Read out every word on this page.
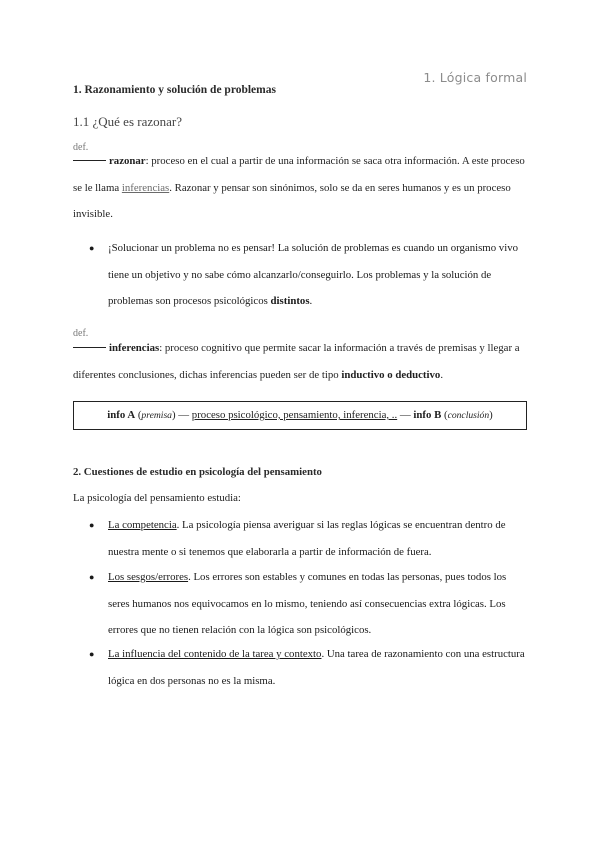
1. Lógica formal
1. Razonamiento y solución de problemas
1.1 ¿Qué es razonar?
def.
razonar: proceso en el cual a partir de una información se saca otra información. A este proceso se le llama inferencias. Razonar y pensar son sinónimos, solo se da en seres humanos y es un proceso invisible.
● ¡Solucionar un problema no es pensar! La solución de problemas es cuando un organismo vivo tiene un objetivo y no sabe cómo alcanzarlo/conseguirlo. Los problemas y la solución de problemas son procesos psicológicos distintos.
def.
inferencias: proceso cognitivo que permite sacar la información a través de premisas y llegar a diferentes conclusiones, dichas inferencias pueden ser de tipo inductivo o deductivo.
info A (premisa) — proceso psicológico, pensamiento, inferencia, .. — info B (conclusión)
2. Cuestiones de estudio en psicología del pensamiento
La psicología del pensamiento estudia:
● La competencia. La psicología piensa averiguar si las reglas lógicas se encuentran dentro de nuestra mente o si tenemos que elaborarla a partir de información de fuera.
● Los sesgos/errores. Los errores son estables y comunes en todas las personas, pues todos los seres humanos nos equivocamos en lo mismo, teniendo así consecuencias extra lógicas. Los errores que no tienen relación con la lógica son psicológicos.
● La influencia del contenido de la tarea y contexto. Una tarea de razonamiento con una estructura lógica en dos personas no es la misma.
